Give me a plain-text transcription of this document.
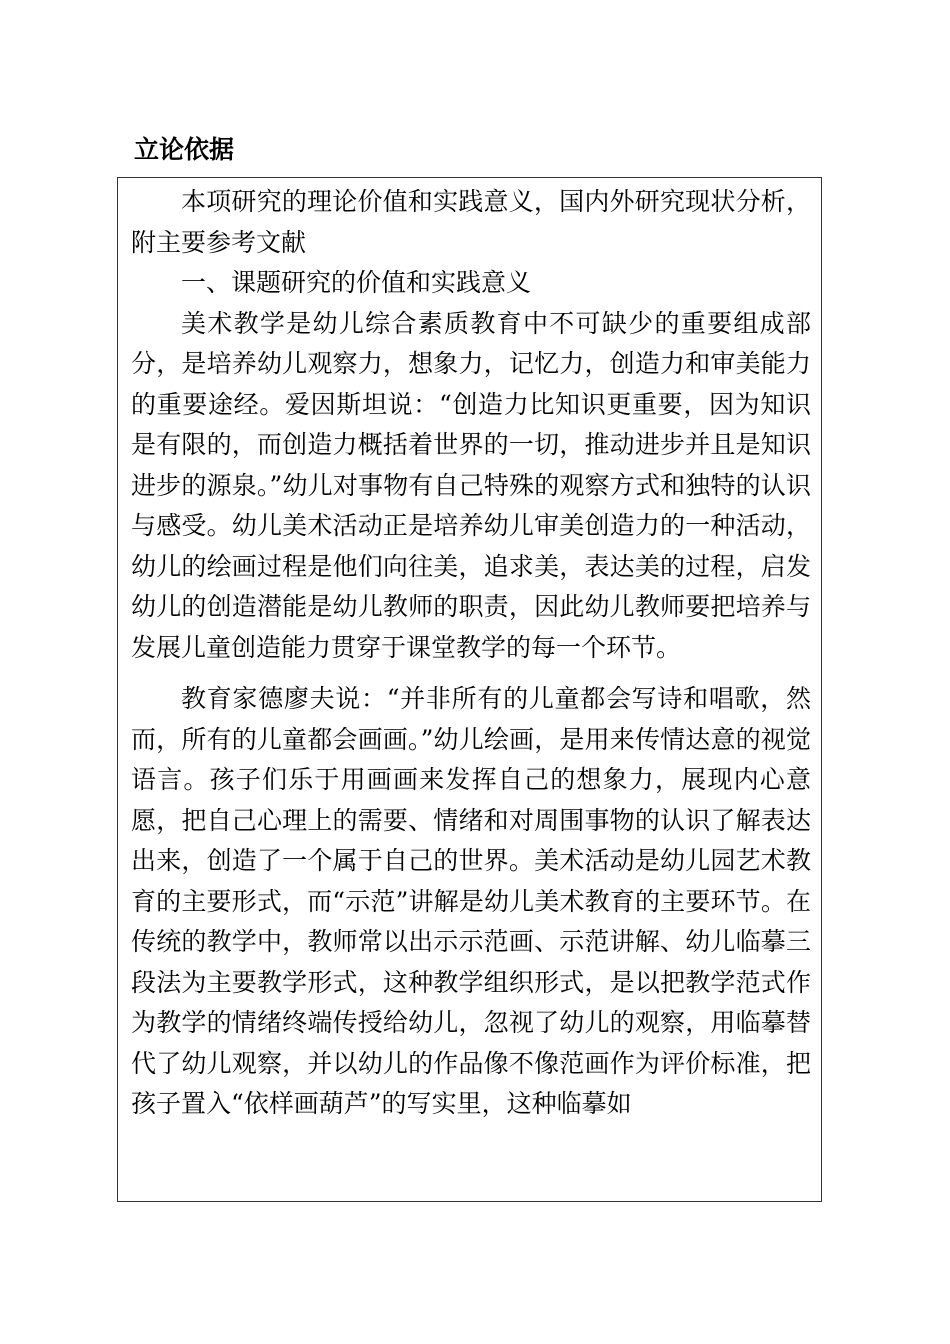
立论依据

本项研究的理论价值和实践意义，国内外研究现状分析，附主要参考文献

一、课题研究的价值和实践意义

美术教学是幼儿综合素质教育中不可缺少的重要组成部分，是培养幼儿观察力，想象力，记忆力，创造力和审美能力的重要途经。爱因斯坦说：“创造力比知识更重要，因为知识是有限的，而创造力概括着世界的一切，推动进步并且是知识进步的源泉。”幼儿对事物有自己特殊的观察方式和独特的认识与感受。幼儿美术活动正是培养幼儿审美创造力的一种活动，幼儿的绘画过程是他们向往美，追求美，表达美的过程，启发幼儿的创造潜能是幼儿教师的职责，因此幼儿教师要把培养与发展儿童创造能力贯穿于课堂教学的每一个环节。

教育家德廖夫说：“并非所有的儿童都会写诗和唱歌，然而，所有的儿童都会画画。”幼儿绘画，是用来传情达意的视觉语言。孩子们乐于用画画来发挥自己的想象力，展现内心意愿，把自己心理上的需要、情绪和对周围事物的认识了解表达出来，创造了一个属于自己的世界。美术活动是幼儿园艺术教育的主要形式，而“示范”讲解是幼儿美术教育的主要环节。在传统的教学中，教师常以出示示范画、示范讲解、幼儿临摹三段法为主要教学形式，这种教学组织形式，是以把教学范式作为教学的情绪终端传授给幼儿，忽视了幼儿的观察，用临摹替代了幼儿观察，并以幼儿的作品像不像范画作为评价标准，把孩子置入“依样画葫芦”的写实里，这种临摹如
